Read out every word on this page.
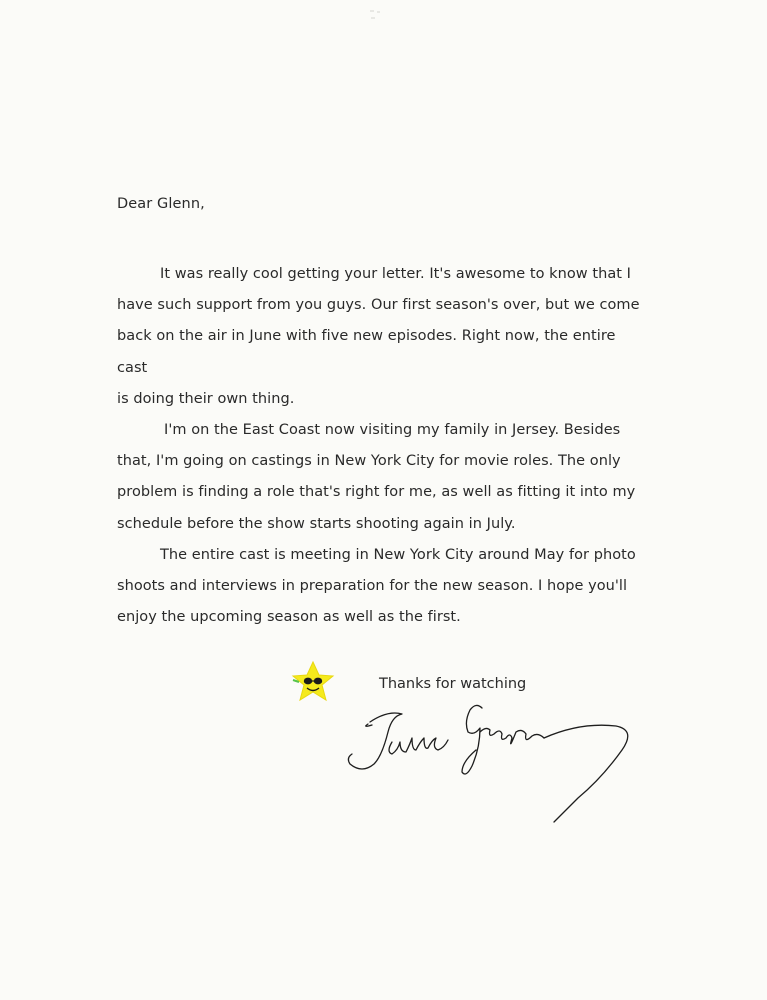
Dear Glenn,

It was really cool getting your letter. It's awesome to know that I
have such support from you guys. Our first season's over, but we come
back on the air in June with five new episodes. Right now, the entire cast
is doing their own thing.

I'm on the East Coast now visiting my family in Jersey. Besides
that, I'm going on castings in New York City for movie roles. The only
problem is finding a role that's right for me, as well as fitting it into my
schedule before the show starts shooting again in July.

The entire cast is meeting in New York City around May for photo
shoots and interviews in preparation for the new season. I hope you'll
enjoy the upcoming season as well as the first.

Thanks for watching
